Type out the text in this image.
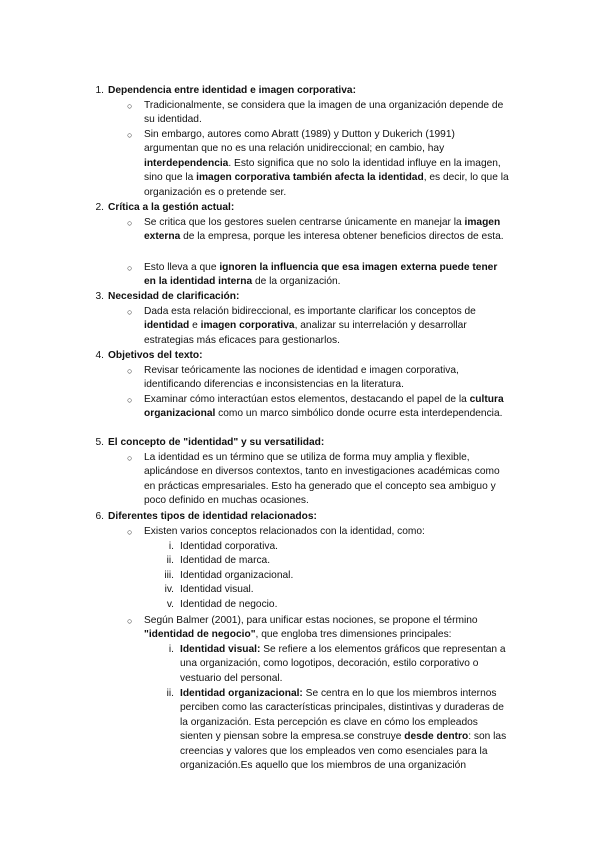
1. Dependencia entre identidad e imagen corporativa:
○ Tradicionalmente, se considera que la imagen de una organización depende de su identidad.
○ Sin embargo, autores como Abratt (1989) y Dutton y Dukerich (1991) argumentan que no es una relación unidireccional; en cambio, hay interdependencia. Esto significa que no solo la identidad influye en la imagen, sino que la imagen corporativa también afecta la identidad, es decir, lo que la organización es o pretende ser.
2. Crítica a la gestión actual:
○ Se critica que los gestores suelen centrarse únicamente en manejar la imagen externa de la empresa, porque les interesa obtener beneficios directos de esta.
○ Esto lleva a que ignoren la influencia que esa imagen externa puede tener en la identidad interna de la organización.
3. Necesidad de clarificación:
○ Dada esta relación bidireccional, es importante clarificar los conceptos de identidad e imagen corporativa, analizar su interrelación y desarrollar estrategias más eficaces para gestionarlos.
4. Objetivos del texto:
○ Revisar teóricamente las nociones de identidad e imagen corporativa, identificando diferencias e inconsistencias en la literatura.
○ Examinar cómo interactúan estos elementos, destacando el papel de la cultura organizacional como un marco simbólico donde ocurre esta interdependencia.
5. El concepto de "identidad" y su versatilidad:
○ La identidad es un término que se utiliza de forma muy amplia y flexible, aplicándose en diversos contextos, tanto en investigaciones académicas como en prácticas empresariales. Esto ha generado que el concepto sea ambiguo y poco definido en muchas ocasiones.
6. Diferentes tipos de identidad relacionados:
○ Existen varios conceptos relacionados con la identidad, como:
i. Identidad corporativa.
ii. Identidad de marca.
iii. Identidad organizacional.
iv. Identidad visual.
v. Identidad de negocio.
○ Según Balmer (2001), para unificar estas nociones, se propone el término "identidad de negocio", que engloba tres dimensiones principales:
i. Identidad visual: Se refiere a los elementos gráficos que representan a una organización, como logotipos, decoración, estilo corporativo o vestuario del personal.
ii. Identidad organizacional: Se centra en lo que los miembros internos perciben como las características principales, distintivas y duraderas de la organización. Esta percepción es clave en cómo los empleados sienten y piensan sobre la empresa.se construye desde dentro: son las creencias y valores que los empleados ven como esenciales para la organización.Es aquello que los miembros de una organización
